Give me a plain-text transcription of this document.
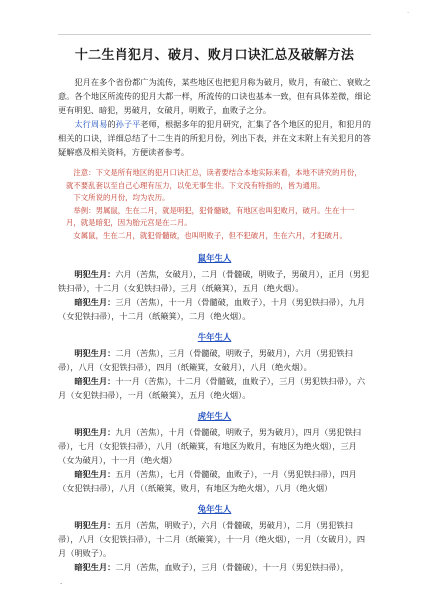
.
十二生肖犯月、破月、败月口诀汇总及破解方法

犯月在多个省份都广为流传，某些地区也把犯月称为破月，败月，有破亡、衰败之意。各个地区所流传的犯月大都一样，所流传的口诀也基本一致，但有具体差微，细论更有明犯、暗犯，男破月，女破月，明败子，血败子之分。

太行周易的孙子平老师，根据多年的犯月研究，汇集了各个地区的犯月，和犯月的相关的口诀，详细总结了十二生肖的所犯月份，列出下表，并在文末附上有关犯月的答疑解惑及相关资料，方便读者参考。

注意：下文是所有地区的犯月口诀汇总，读者要结合本地实际来看，本地不讲究的月份，就不要乱套以至自己心理有压力，以免无事生非。下文没有特指的，皆为通用。

下文所说的月份，均为农历。

举例：男属鼠，生在二月，就是明犯，犯骨髓破，有地区也叫犯败月，破月。生在十一月，就是暗犯，因为胎元宫是在二月。

女属鼠，生在二月，就犯骨髓破，也叫明败子，但不犯破月，生在六月，才犯破月。

鼠年生人

明犯生月：六月（苦焦，女破月），二月（骨髓破，明败子，男破月），正月（男犯铁扫帚），十二月（女犯铁扫帚），三月（纸簸箕），五月（绝火烟）。

暗犯生月：三月（苦焦），十一月（骨髓破，血败子），十月（男犯铁扫帚），九月（女犯铁扫帚），十二月（纸簸箕），二月（绝火烟）。

牛年生人

明犯生月：二月（苦焦），三月（骨髓破，明败子，男破月），六月（男犯铁扫帚），八月（女犯铁扫帚），四月（纸簸箕，女破月），八月（绝火烟）。

暗犯生月：十一月（苦焦），十二月（骨髓破，血败子），三月（男犯铁扫帚），六月（女犯铁扫帚），一月（纸簸箕），五月（绝火烟）。

虎年生人

明犯生月：九月（苦焦），十月（骨髓破，明败子，男为破月），四月（男犯铁扫帚），七月（女犯铁扫帚），八月（纸簸箕，有地区为败月，有地区为绝火烟），三月（女为破月），十一月（绝火烟）

暗犯生月：五月（苦焦），七月（骨髓破，血败子），一月（男犯铁扫帚），四月（女犯铁扫帚），八月（（纸簸箕，败月，有地区为绝火烟），八月（绝火烟）

兔年生人

明犯生月：五月（苦焦，明败子），六月（骨髓破，男破月），二月（男犯铁扫帚），八月（女犯铁扫帚），十二月（纸簸箕），十一月（绝火烟），一月（女破月），四月（明败子）。

暗犯生月：二月（苦焦，血败子），三月（骨髓破），十一月（男犯铁扫帚），

·
